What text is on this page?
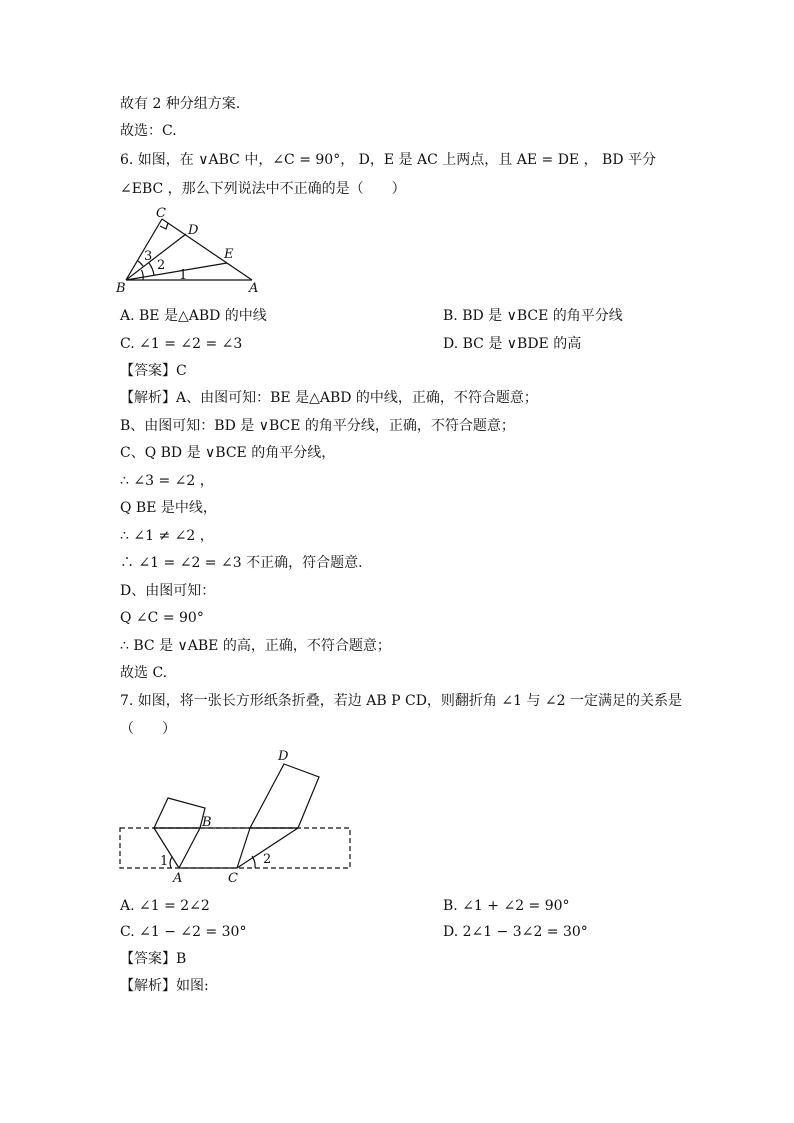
故有 2 种分组方案.
故选：C.
6. 如图，在 ∨ABC 中，∠C = 90°， D，E 是 AC 上两点，且 AE = DE ， BD 平分
∠EBC ，那么下列说法中不正确的是（　　）
C
D
E
B	A
3
2
1
A. BE 是△ABD 的中线	B. BD 是 ∨BCE 的角平分线
C. ∠1 = ∠2 = ∠3	D. BC 是 ∨BDE 的高
【答案】C
【解析】A、由图可知：BE 是△ABD 的中线，正确，不符合题意；
B、由图可知：BD 是 ∨BCE 的角平分线，正确，不符合题意；
C、Q BD 是 ∨BCE 的角平分线，
∴ ∠3 = ∠2 ，
Q BE 是中线，
∴ ∠1 ≠ ∠2 ，
∴ ∠1 = ∠2 = ∠3 不正确，符合题意.
D、由图可知：
Q ∠C = 90°
∴ BC 是 ∨ABE 的高，正确，不符合题意；
故选 C.
7. 如图，将一张长方形纸条折叠，若边 AB P CD，则翻折角 ∠1 与 ∠2 一定满足的关系是
（　　）
D
B
A	C
1	2
A. ∠1 = 2∠2	B. ∠1 + ∠2 = 90°
C. ∠1 − ∠2 = 30°	D. 2∠1 − 3∠2 = 30°
【答案】B
【解析】如图:
